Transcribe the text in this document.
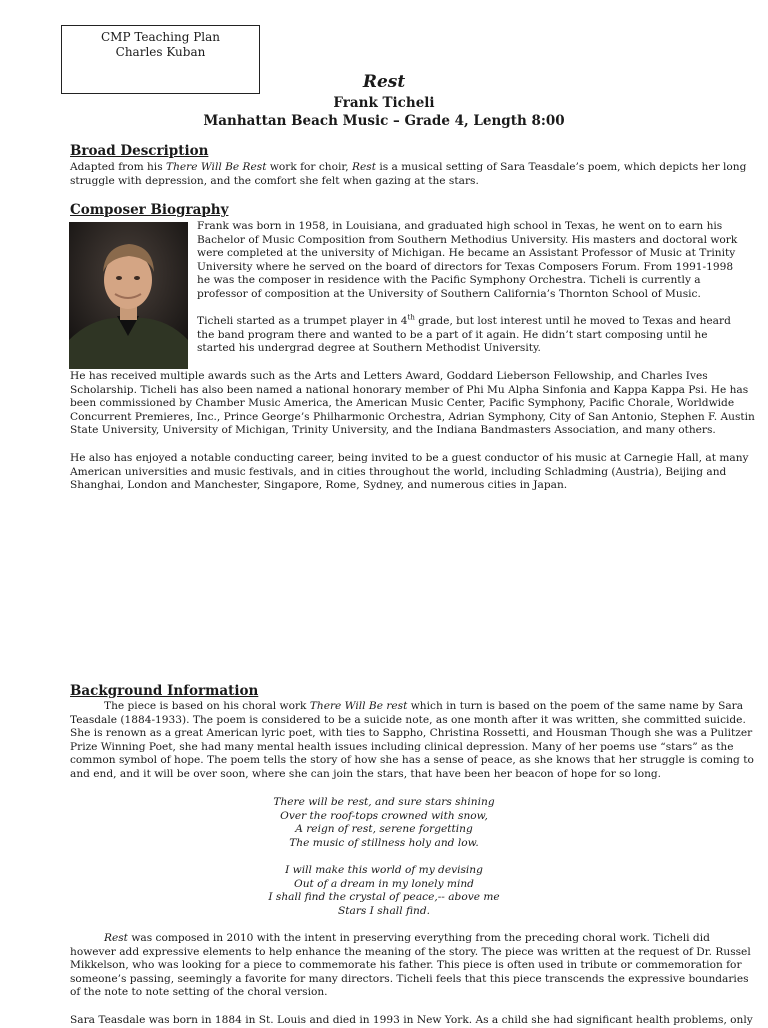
CMP Teaching Plan
Charles Kuban
Rest
Frank Ticheli
Manhattan Beach Music – Grade 4, Length 8:00
Broad Description

Adapted from his There Will Be Rest work for choir, Rest is a musical setting of Sara Teasdale’s poem, which depicts her long

struggle with depression, and the comfort she felt when gazing at the stars.

Composer Biography

Frank was born in 1958, in Louisiana, and graduated high school in Texas, he went on to earn his

Bachelor of Music Composition from Southern Methodius University. His masters and doctoral work

were completed at the university of Michigan. He became an Assistant Professor of Music at Trinity

University where he served on the board of directors for Texas Composers Forum. From 1991-1998

he was the composer in residence with the Pacific Symphony Orchestra. Ticheli is currently a

professor of composition at the University of Southern California’s Thornton School of Music.

Ticheli started as a trumpet player in 4th grade, but lost interest until he moved to Texas and heard

the band program there and wanted to be a part of it again. He didn’t start composing until he

started his undergrad degree at Southern Methodist University.

He has received multiple awards such as the Arts and Letters Award, Goddard Lieberson Fellowship, and Charles Ives

Scholarship. Ticheli has also been named a national honorary member of Phi Mu Alpha Sinfonia and Kappa Kappa Psi. He has

been commissioned by Chamber Music America, the American Music Center, Pacific Symphony, Pacific Chorale, Worldwide

Concurrent Premieres, Inc., Prince George’s Philharmonic Orchestra, Adrian Symphony, City of San Antonio, Stephen F. Austin

State University, University of Michigan, Trinity University, and the Indiana Bandmasters Association, and many others.

He also has enjoyed a notable conducting career, being invited to be a guest conductor of his music at Carnegie Hall, at many

American universities and music festivals, and in cities throughout the world, including Schladming (Austria), Beijing and

Shanghai, London and Manchester, Singapore, Rome, Sydney, and numerous cities in Japan.

Background Information

The piece is based on his choral work There Will Be rest which in turn is based on the poem of the same name by Sara

Teasdale (1884-1933). The poem is considered to be a suicide note, as one month after it was written, she committed suicide.

She is renown as a great American lyric poet, with ties to Sappho, Christina Rossetti, and Housman Though she was a Pulitzer

Prize Winning Poet, she had many mental health issues including clinical depression. Many of her poems use “stars” as the

common symbol of hope. The poem tells the story of how she has a sense of peace, as she knows that her struggle is coming to

and end, and it will be over soon, where she can join the stars, that have been her beacon of hope for so long.

There will be rest, and sure stars shining

Over the roof-tops crowned with snow,

A reign of rest, serene forgetting

The music of stillness holy and low.

I will make this world of my devising

Out of a dream in my lonely mind

I shall find the crystal of peace,-- above me

Stars I shall find.

Rest was composed in 2010 with the intent in preserving everything from the preceding choral work. Ticheli did

however add expressive elements to help enhance the meaning of the story. The piece was written at the request of Dr. Russel

Mikkelson, who was looking for a piece to commemorate his father. This piece is often used in tribute or commemoration for

someone’s passing, seemingly a favorite for many directors. Ticheli feels that this piece transcends the expressive boundaries

of the note to note setting of the choral version.

Sara Teasdale was born in 1884 in St. Louis and died in 1993 in New York. As a child she had significant health problems, only
